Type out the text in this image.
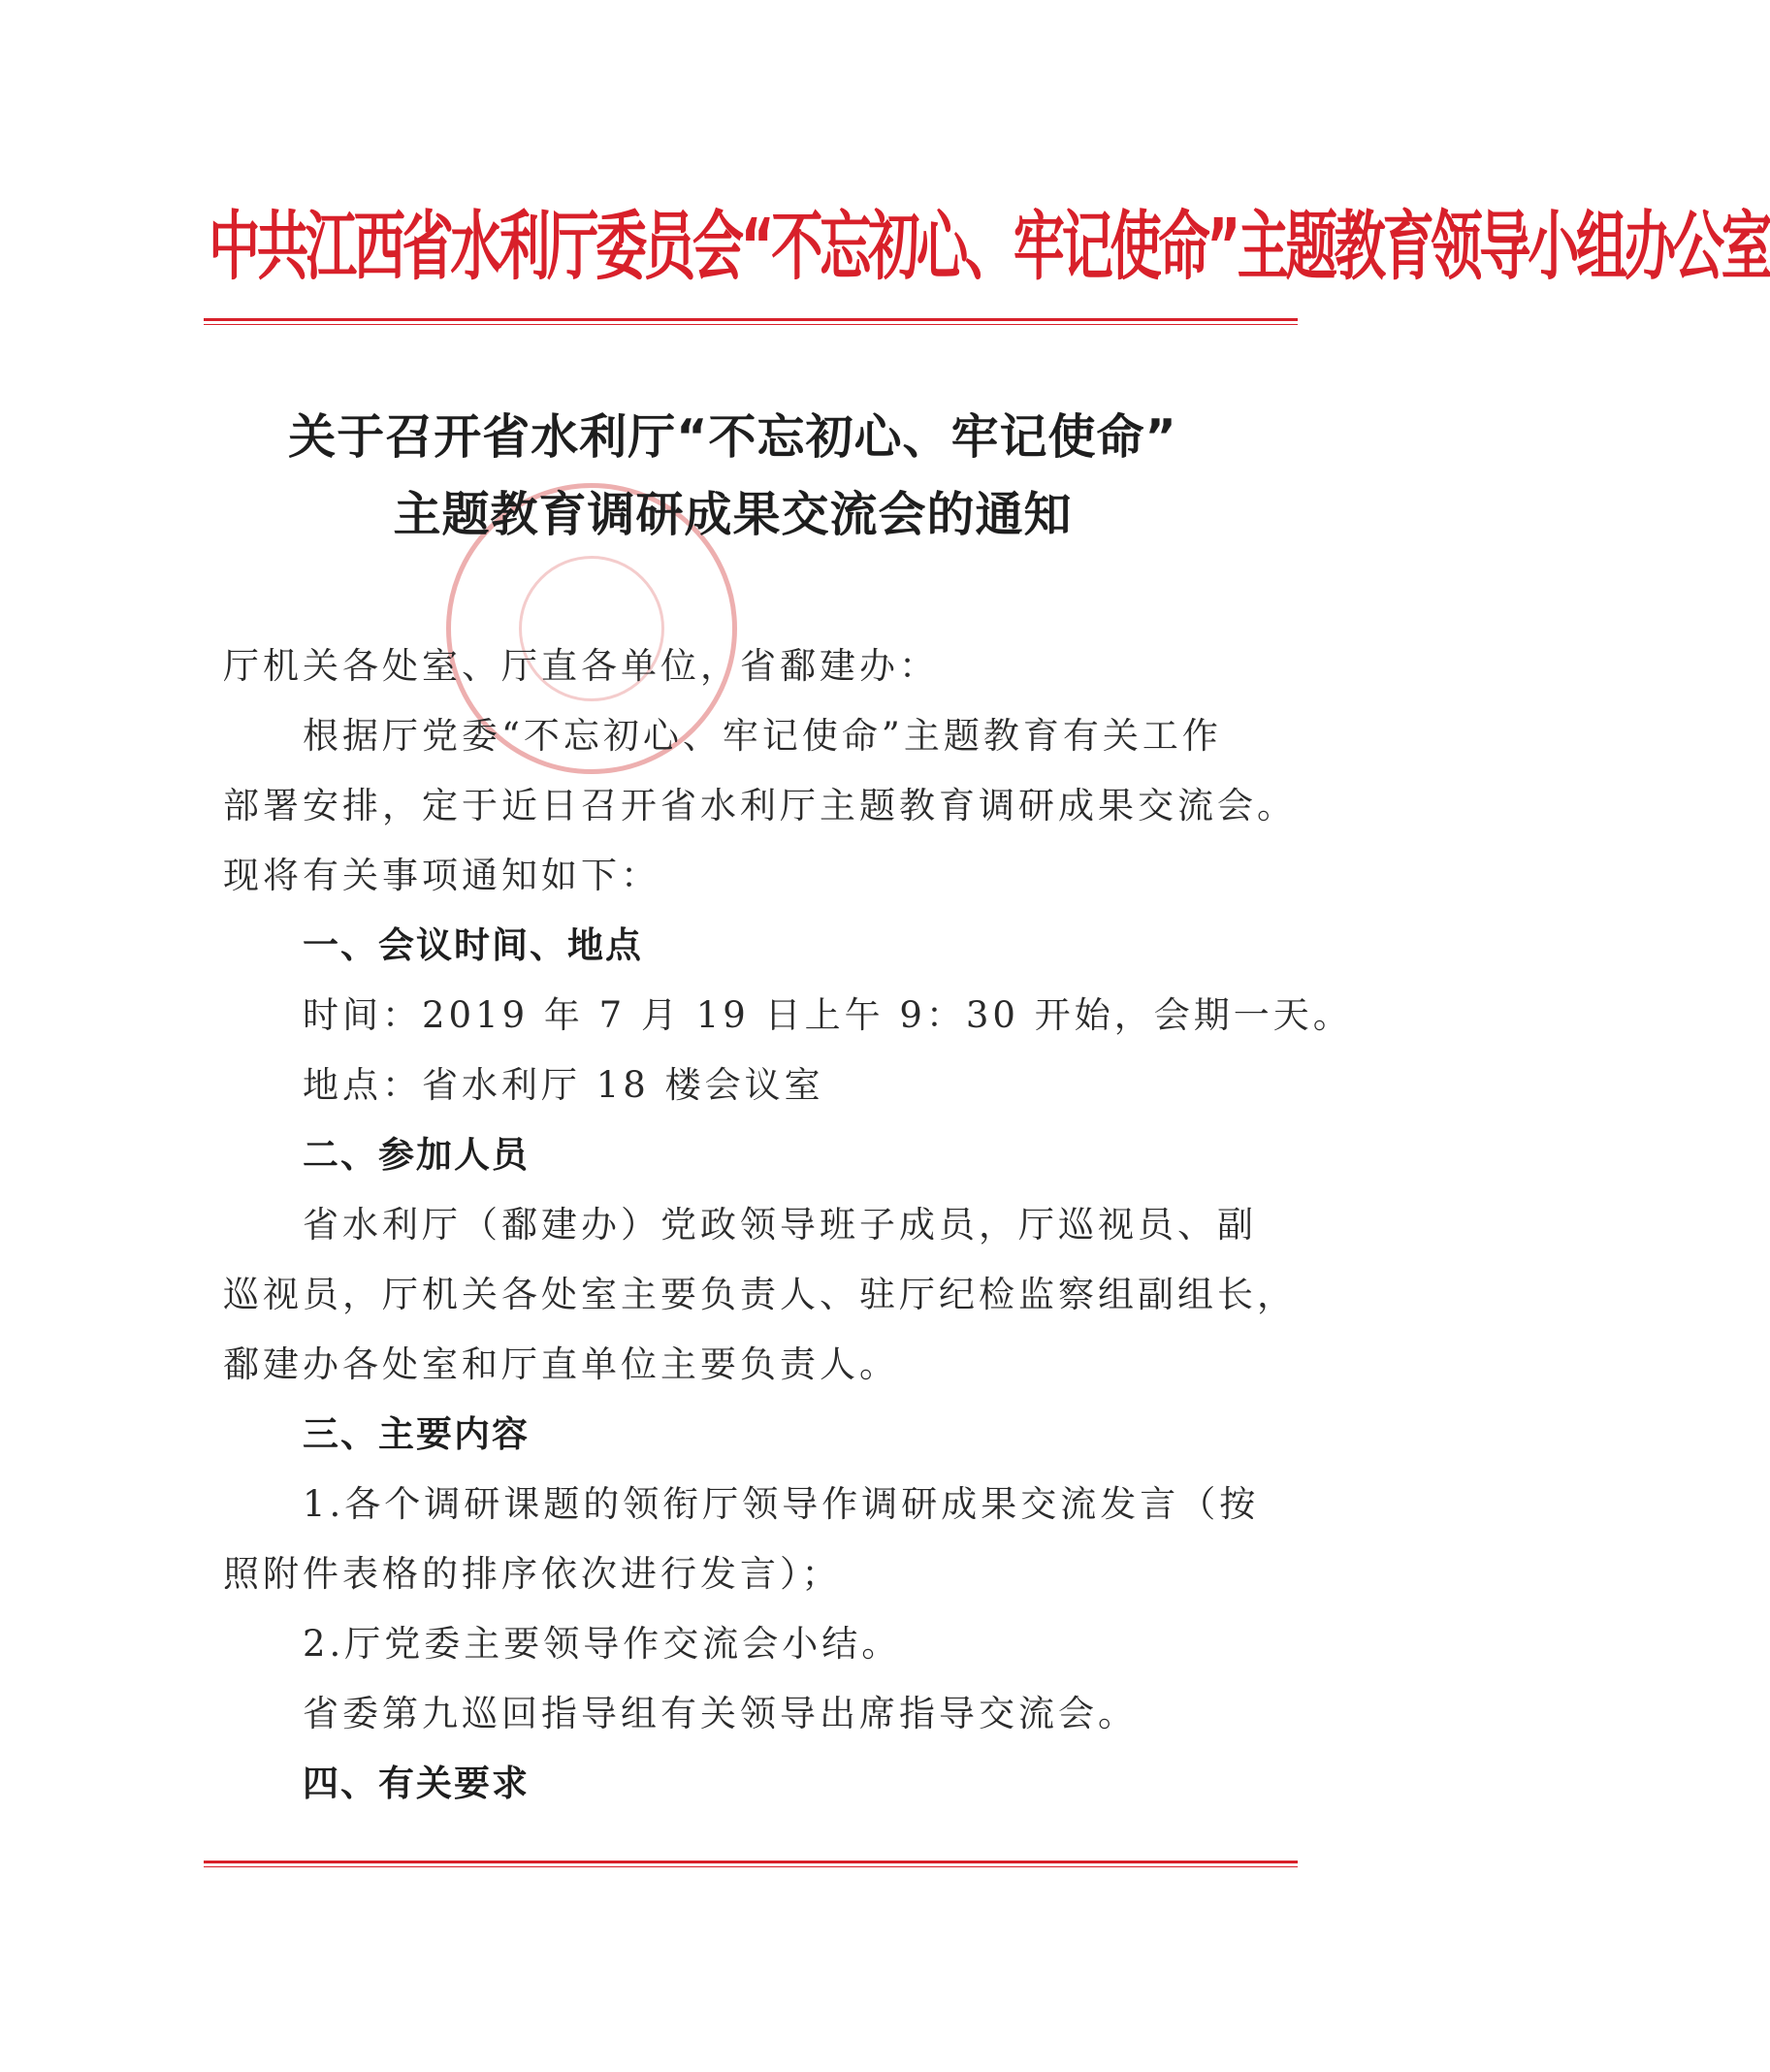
中共江西省水利厅委员会“不忘初心、牢记使命”主题教育领导小组办公室
关于召开省水利厅“不忘初心、牢记使命”
主题教育调研成果交流会的通知
厅机关各处室、厅直各单位，省鄱建办：
根据厅党委“不忘初心、牢记使命”主题教育有关工作
部署安排，定于近日召开省水利厅主题教育调研成果交流会。
现将有关事项通知如下：
一、会议时间、地点
时间：2019 年 7 月 19 日上午 9：30 开始，会期一天。
地点：省水利厅 18 楼会议室
二、参加人员
省水利厅（鄱建办）党政领导班子成员，厅巡视员、副
巡视员，厅机关各处室主要负责人、驻厅纪检监察组副组长，
鄱建办各处室和厅直单位主要负责人。
三、主要内容
1.各个调研课题的领衔厅领导作调研成果交流发言（按
照附件表格的排序依次进行发言）；
2.厅党委主要领导作交流会小结。
省委第九巡回指导组有关领导出席指导交流会。
四、有关要求
